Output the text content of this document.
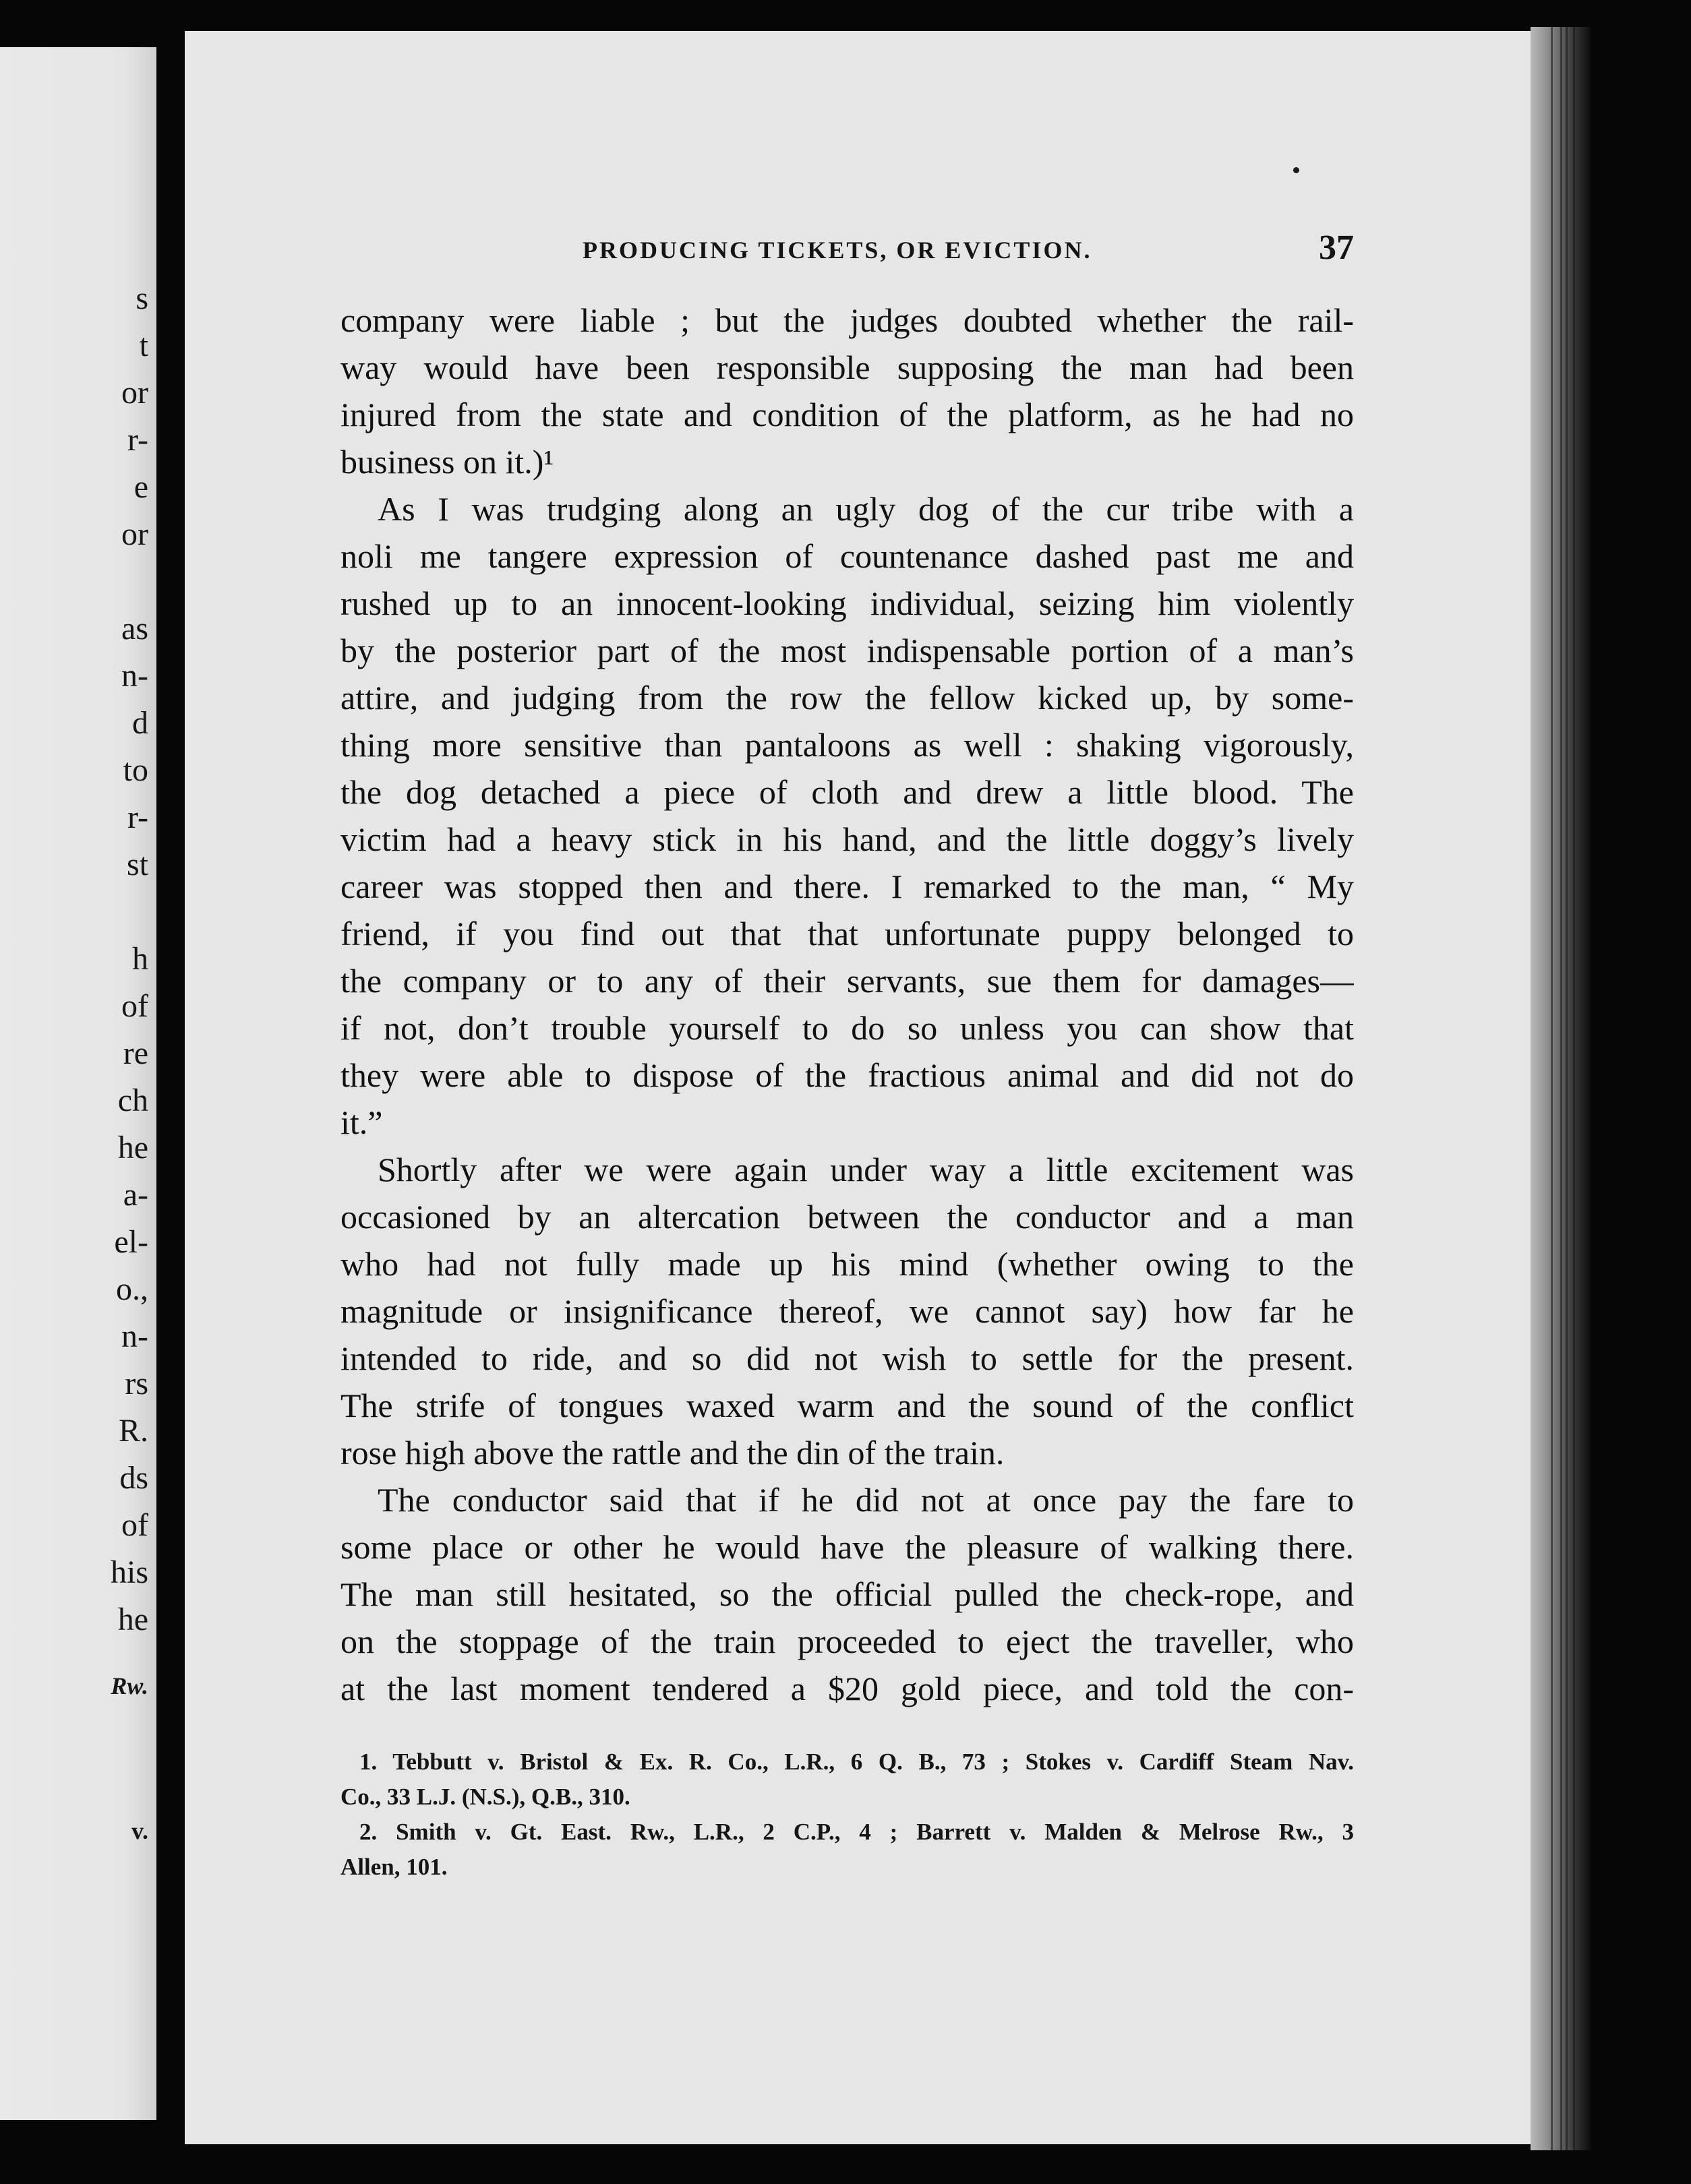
s
t
or
r-
e
or
as
n-
d
to
r-
st
h
of
re
ch
he
a-
el-
o.,
n-
rs
R.
ds
of
his
he
Rw.
v.
PRODUCING TICKETS, OR EVICTION.	37
company were liable ; but the judges doubted whether the rail-
way would have been responsible supposing the man had been
injured from the state and condition of the platform, as he had no
business on it.)¹
As I was trudging along an ugly dog of the cur tribe with a
noli me tangere expression of countenance dashed past me and
rushed up to an innocent-looking individual, seizing him violently
by the posterior part of the most indispensable portion of a man’s
attire, and judging from the row the fellow kicked up, by some-
thing more sensitive than pantaloons as well : shaking vigorously,
the dog detached a piece of cloth and drew a little blood. The
victim had a heavy stick in his hand, and the little doggy’s lively
career was stopped then and there. I remarked to the man, “ My
friend, if you find out that that unfortunate puppy belonged to
the company or to any of their servants, sue them for damages—
if not, don’t trouble yourself to do so unless you can show that
they were able to dispose of the fractious animal and did not do
it.”
Shortly after we were again under way a little excitement was
occasioned by an altercation between the conductor and a man
who had not fully made up his mind (whether owing to the
magnitude or insignificance thereof, we cannot say) how far he
intended to ride, and so did not wish to settle for the present.
The strife of tongues waxed warm and the sound of the conflict
rose high above the rattle and the din of the train.
The conductor said that if he did not at once pay the fare to
some place or other he would have the pleasure of walking there.
The man still hesitated, so the official pulled the check-rope, and
on the stoppage of the train proceeded to eject the traveller, who
at the last moment tendered a $20 gold piece, and told the con-
1. Tebbutt v. Bristol & Ex. R. Co., L.R., 6 Q. B., 73 ; Stokes v. Cardiff Steam Nav.
Co., 33 L.J. (N.S.), Q.B., 310.
2. Smith v. Gt. East. Rw., L.R., 2 C.P., 4 ; Barrett v. Malden & Melrose Rw., 3
Allen, 101.
